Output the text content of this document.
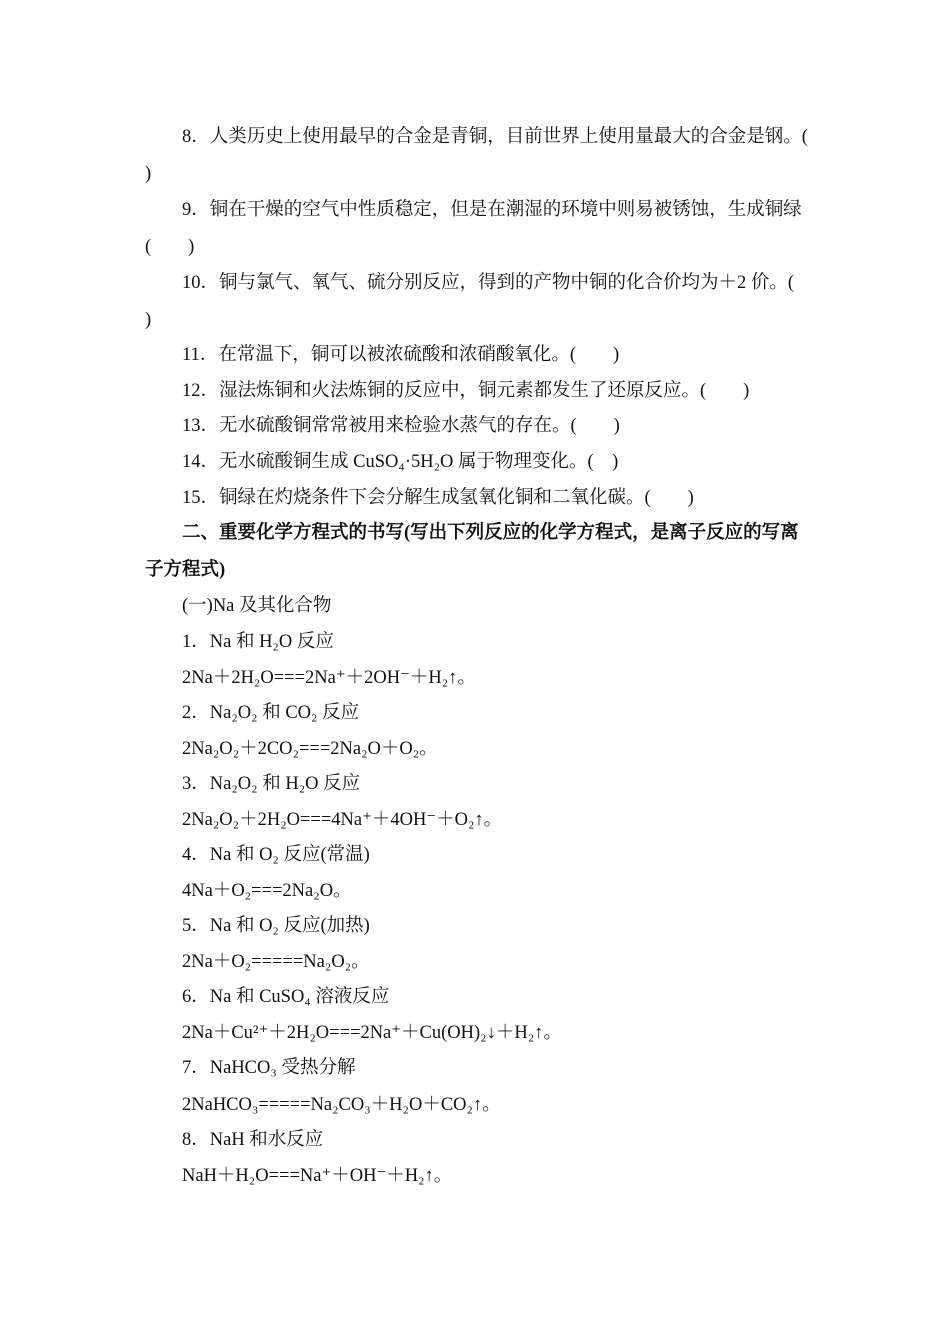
8．人类历史上使用最早的合金是青铜，目前世界上使用量最大的合金是钢。(
)
9．铜在干燥的空气中性质稳定，但是在潮湿的环境中则易被锈蚀，生成铜绿
(　　)
10．铜与氯气、氧气、硫分别反应，得到的产物中铜的化合价均为＋2 价。(
)
11．在常温下，铜可以被浓硫酸和浓硝酸氧化。(　　)
12．湿法炼铜和火法炼铜的反应中，铜元素都发生了还原反应。(　　)
13．无水硫酸铜常常被用来检验水蒸气的存在。(　　)
14．无水硫酸铜生成 CuSO₄·5H₂O 属于物理变化。(　)
15．铜绿在灼烧条件下会分解生成氢氧化铜和二氧化碳。(　　)
二、重要化学方程式的书写(写出下列反应的化学方程式，是离子反应的写离
子方程式)
(一)Na 及其化合物
1．Na 和 H₂O 反应
2Na＋2H₂O===2Na⁺＋2OH⁻＋H₂↑。
2．Na₂O₂ 和 CO₂ 反应
2Na₂O₂＋2CO₂===2Na₂O＋O₂。
3．Na₂O₂ 和 H₂O 反应
2Na₂O₂＋2H₂O===4Na⁺＋4OH⁻＋O₂↑。
4．Na 和 O₂ 反应(常温)
4Na＋O₂===2Na₂O。
5．Na 和 O₂ 反应(加热)
2Na＋O₂=====Na₂O₂。
6．Na 和 CuSO₄ 溶液反应
2Na＋Cu²⁺＋2H₂O===2Na⁺＋Cu(OH)₂↓＋H₂↑。
7．NaHCO₃ 受热分解
2NaHCO₃=====Na₂CO₃＋H₂O＋CO₂↑。
8．NaH 和水反应
NaH＋H₂O===Na⁺＋OH⁻＋H₂↑。
